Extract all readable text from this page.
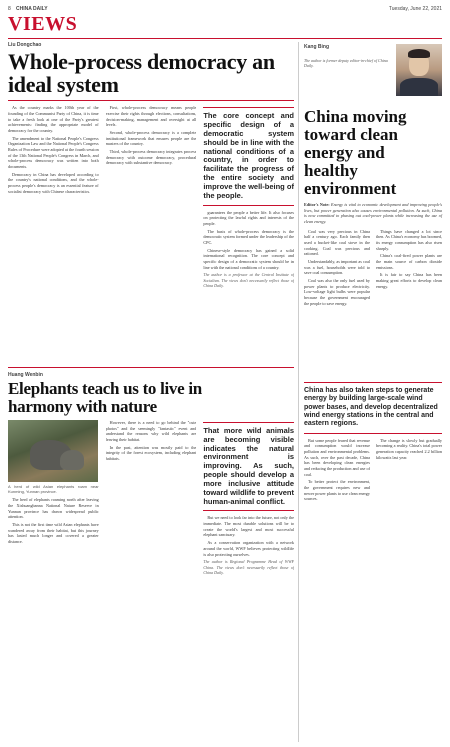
8 CHINA DAILY	Tuesday, June 22, 2021
VIEWS
Liu Dongchao
Whole-process democracy an ideal system

As the country marks the 100th year of the founding of the Communist Party of China, it is time to take a fresh look at one of the Party's greatest achievements: finding the appropriate model of democracy for the country.

The amendment to the National People's Congress Organization Law and the National People's Congress Rules of Procedure were adopted at the fourth session of the 13th National People's Congress in March, and whole-process democracy was written into both documents.

Democracy in China has developed according to the country's national conditions, and the whole-process people's democracy is an essential feature of socialist democracy with Chinese characteristics.

First, whole-process democracy means people exercise their rights through elections, consultations, decision-making, management and oversight at all levels.

Second, whole-process democracy is a complete institutional framework that ensures people are the masters of the country.

Third, whole-process democracy integrates process democracy with outcome democracy, procedural democracy with substantive democracy.

The core concept and specific design of a democratic system should be in line with the national conditions of a country, in order to facilitate the progress of the entire society and improve the well-being of the people.

guarantees the people a better life. It also focuses on protecting the lawful rights and interests of the people.

The basis of whole-process democracy is the democratic system formed under the leadership of the CPC.

Chinese-style democracy has gained a solid international recognition. The core concept and specific design of a democratic system should be in line with the national conditions of a country.

The author is a professor at the Central Institute of Socialism. The views don't necessarily reflect those of China Daily.
Huang Wenbin
Elephants teach us to live in harmony with nature
A herd of wild Asian elephants roam near Kunming, Yunnan province.

The herd of elephants roaming north after leaving the Xishuangbanna National Nature Reserve in Yunnan province has drawn widespread public attention.

This is not the first time wild Asian elephants have wandered away from their habitat, but this journey has lasted much longer and covered a greater distance.

However, there is a need to go behind the "cute photos" and the seemingly "fantastic" event and understand the reasons why wild elephants are leaving their habitat.

In the past, attention was mostly paid to the integrity of the forest ecosystem, including elephant habitats.

That more wild animals are becoming visible indicates the natural environment is improving. As such, people should develop a more inclusive attitude toward wildlife to prevent human-animal conflict.

But we need to look far into the future, not only the immediate. The most durable solutions will be to create the world's largest and most successful elephant sanctuary.

As a conservation organization with a network around the world, WWF believes protecting wildlife is also protecting ourselves.

The author is Regional Programme Head of WWF China. The views don't necessarily reflect those of China Daily.
Kang Bing
The author is former deputy editor-in-chief of China Daily.
China moving toward clean energy and healthy environment
Editor's Note: Energy is vital to economic development and improving people's lives, but power generation also causes environmental pollution. As such, China is now committed to phasing out coal-power plants while increasing the use of clean energy.

Coal was very precious in China half a century ago. Each family then used a bucket-like coal stove in the cooking. Coal was precious and rationed.

Understandably, as important as coal was a fuel, households were told to save coal consumption.

Coal was also the only fuel used by power plants to produce electricity. Low-voltage light bulbs were popular because the government encouraged the people to save energy.

Things have changed a lot since then. As China's economy has boomed, its energy consumption has also risen sharply.

China's coal-fired power plants are the main source of carbon dioxide emissions.

It is fair to say China has been making great efforts to develop clean energy.

China has also taken steps to generate energy by building large-scale wind power bases, and develop decentralized wind energy stations in the central and eastern regions.

But some people feared that revenue and consumption would increase pollution and environmental problems. As such, over the past decade, China has been developing clean energies and reducing the production and use of coal.

To better protect the environment, the government requires new and newer power plants to use clean energy sources.

The change is slowly but gradually becoming a reality. China's total power generation capacity reached 2.2 billion kilowatts last year.
